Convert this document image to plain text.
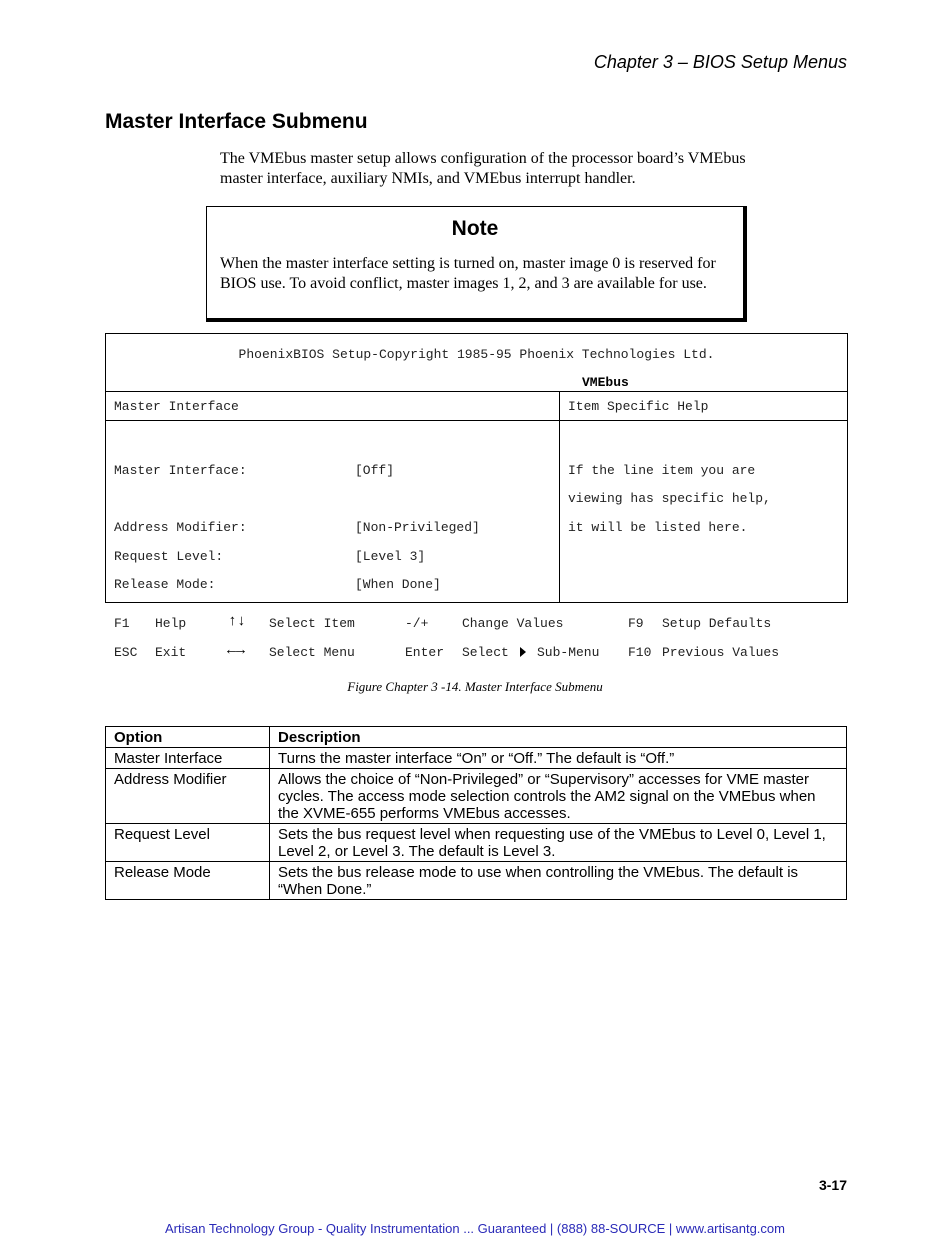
Chapter 3 – BIOS Setup Menus
Master Interface Submenu
The VMEbus master setup allows configuration of the processor board’s VMEbus
master interface, auxiliary NMIs, and VMEbus interrupt handler.
Note
When the master interface setting is turned on, master image 0 is reserved for BIOS use. To avoid conflict, master images 1, 2, and 3 are available for use.
PhoenixBIOS Setup-Copyright 1985-95 Phoenix Technologies Ltd.
VMEbus
Master Interface	Item Specific Help
Master Interface:	[Off]
Address Modifier:	[Non-Privileged]
Request Level:	[Level 3]
Release Mode:	[When Done]
If the line item you are
viewing has specific help,
it will be listed here.
F1 Help	↑↓ Select Item	-/+	Change Values	F9 Setup Defaults
ESC Exit	←→ Select Menu	Enter Select Sub-Menu F10 Previous Values
Figure Chapter 3 -14. Master Interface Submenu
Option	Description
Master Interface	Turns the master interface “On” or “Off.” The default is “Off.”
Address Modifier	Allows the choice of “Non-Privileged” or “Supervisory” accesses for VME master cycles. The access mode selection controls the AM2 signal on the VMEbus when the XVME-655 performs VMEbus accesses.
Request Level	Sets the bus request level when requesting use of the VMEbus to Level 0, Level 1, Level 2, or Level 3. The default is Level 3.
Release Mode	Sets the bus release mode to use when controlling the VMEbus. The default is “When Done.”
3-17
Artisan Technology Group - Quality Instrumentation ... Guaranteed | (888) 88-SOURCE | www.artisantg.com
